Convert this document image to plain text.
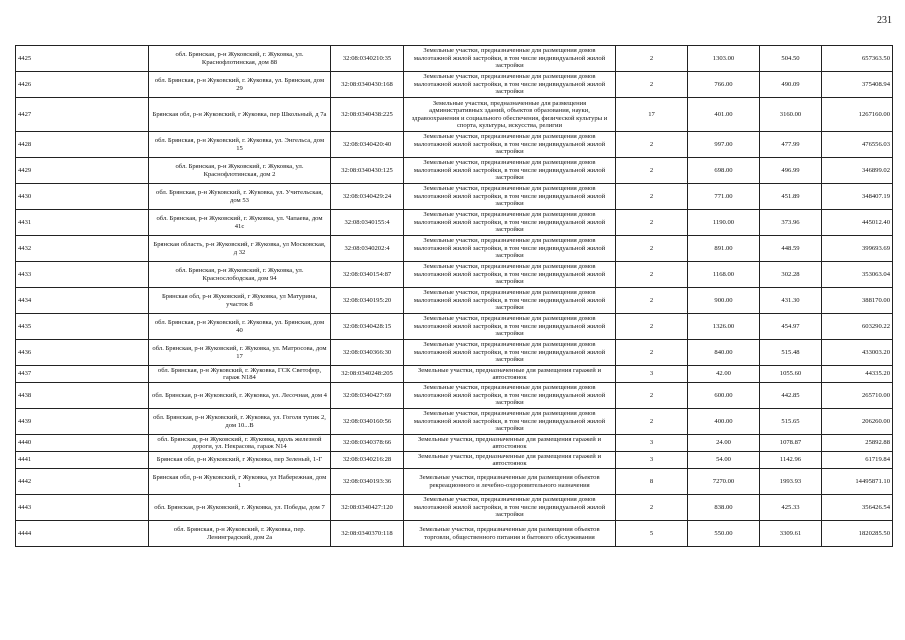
231
4425	обл. Брянская, р-н Жуковский, г. Жуковка, ул. Краснофлотинская, дом 88	32:08:0340210:35	Земельные участки, предназначенные для размещения домов малоэтажной жилой застройки, в том числе индивидуальной жилой застройки	2	1303.00	504.50	657363.50
4426	обл. Брянская, р-н Жуковский, г. Жуковка, ул. Брянская, дом 29	32:08:0340430:168	Земельные участки, предназначенные для размещения домов малоэтажной жилой застройки, в том числе индивидуальной жилой застройки	2	766.00	490.09	375408.94
4427	Брянская обл, р-н Жуковский, г Жуковка, пер Школьный, д 7а	32:08:0340438:225	Земельные участки, предназначенные для размещения административных зданий, объектов образования, науки, здравоохранения и социального обеспечения, физической культуры и спорта, культуры, искусства, религии	17	401.00	3160.00	1267160.00
4428	обл. Брянская, р-н Жуковский, г. Жуковка, ул. Энгельса, дом 15	32:08:0340420:40	Земельные участки, предназначенные для размещения домов малоэтажной жилой застройки, в том числе индивидуальной жилой застройки	2	997.00	477.99	476556.03
4429	обл. Брянская, р-н Жуковский, г. Жуковка, ул. Краснофлотинская, дом 2	32:08:0340430:125	Земельные участки, предназначенные для размещения домов малоэтажной жилой застройки, в том числе индивидуальной жилой застройки	2	698.00	496.99	346899.02
4430	обл. Брянская, р-н Жуковский, г. Жуковка, ул. Учительская, дом 53	32:08:0340429:24	Земельные участки, предназначенные для размещения домов малоэтажной жилой застройки, в том числе индивидуальной жилой застройки	2	771.00	451.89	348407.19
4431	обл. Брянская, р-н Жуковский, г. Жуковка, ул. Чапаева, дом 41с	32:08:0340155:4	Земельные участки, предназначенные для размещения домов малоэтажной жилой застройки, в том числе индивидуальной жилой застройки	2	1190.00	373.96	445012.40
4432	Брянская область, р-н Жуковский, г Жуковка, ул Московская, д 32	32:08:0340202:4	Земельные участки, предназначенные для размещения домов малоэтажной жилой застройки, в том числе индивидуальной жилой застройки	2	891.00	448.59	399693.69
4433	обл. Брянская, р-н Жуковский, г. Жуковка, ул. Краснослободская, дом 94	32:08:0340154:87	Земельные участки, предназначенные для размещения домов малоэтажной жилой застройки, в том числе индивидуальной жилой застройки	2	1168.00	302.28	353063.04
4434	Брянская обл, р-н Жуковский, г Жуковка, ул Матурина, участок 8	32:08:0340195:20	Земельные участки, предназначенные для размещения домов малоэтажной жилой застройки, в том числе индивидуальной жилой застройки	2	900.00	431.30	388170.00
4435	обл. Брянская, р-н Жуковский, г. Жуковка, ул. Брянская, дом 40	32:08:0340428:15	Земельные участки, предназначенные для размещения домов малоэтажной жилой застройки, в том числе индивидуальной жилой застройки	2	1326.00	454.97	603290.22
4436	обл. Брянская, р-н Жуковский, г. Жуковка, ул. Матросова, дом 17	32:08:0340366:30	Земельные участки, предназначенные для размещения домов малоэтажной жилой застройки, в том числе индивидуальной жилой застройки	2	840.00	515.48	433003.20
4437	обл. Брянская, р-н Жуковский, г. Жуковка, ГСК Светофор, гараж N184	32:08:0340248:205	Земельные участки, предназначенные для размещения гаражей и автостоянок	3	42.00	1055.60	44335.20
4438	обл. Брянская, р-н Жуковский, г. Жуковка, ул. Лесочная, дом 4	32:08:0340427:69	Земельные участки, предназначенные для размещения домов малоэтажной жилой застройки, в том числе индивидуальной жилой застройки	2	600.00	442.85	265710.00
4439	обл. Брянская, р-н Жуковский, г. Жуковка, ул. Гоголя тупик 2, дом 10...В	32:08:0340160:56	Земельные участки, предназначенные для размещения домов малоэтажной жилой застройки, в том числе индивидуальной жилой застройки	2	400.00	515.65	206260.00
4440	обл. Брянская, р-н Жуковский, г. Жуковка, вдоль железной дороги, ул. Некрасова, гараж N14	32:08:0340378:66	Земельные участки, предназначенные для размещения гаражей и автостоянок	3	24.00	1078.87	25892.88
4441	Брянская обл, р-н Жуковский, г Жуковка, пер Зеленый, 1-Г	32:08:0340216:28	Земельные участки, предназначенные для размещения гаражей и автостоянок	3	54.00	1142.96	61719.84
4442	Брянская обл, р-н Жуковский, г Жуковка, ул Набережная, дом 1	32:08:0340193:36	Земельные участки, предназначенные для размещения объектов рекреационного и лечебно-оздоровительного назначения	8	7270.00	1993.93	14495871.10
4443	обл. Брянская, р-н Жуковский, г. Жуковка, ул. Победы, дом 7	32:08:0340427:120	Земельные участки, предназначенные для размещения домов малоэтажной жилой застройки, в том числе индивидуальной жилой застройки	2	838.00	425.33	356426.54
4444	обл. Брянская, р-н Жуковский, г. Жуковка, пер. Ленинградский, дом 2а	32:08:0340370:118	Земельные участки, предназначенные для размещения объектов торговли, общественного питания и бытового обслуживания	5	550.00	3309.61	1820285.50
